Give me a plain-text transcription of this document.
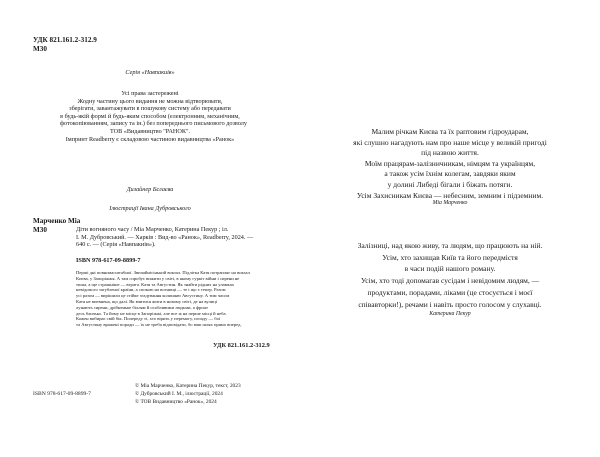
УДК 821.161.2-312.9
М30
Серія «Навпакиів»
Усі права застережені
Жодну частину цього видання не можна відтворювати,
зберігати, завантажувати в пошукову систему або передавати
в будь-якій формі й будь-яким способом (електронним, механічним,
фотокопіюванням, запису та ін.) без попереднього письмового дозволу
ТОВ «Видавництво "РАНОК".
Імпринт Readberry є складовою частиною видавництва «Ранок»
Дизайнер Бєлаєва
Ілюстрації Івана Дубровського
Марченко Міа
М30	Діти вогняного часу / Міа Марченко, Катерина Пекур ; іл.
І. М. Дубровський. — Харків : Вид-во «Ранок», Readberry, 2024. —
640 с. — (Серія «Навпакиів»).
ISBN 978-617-09-8899-7
Перші дні повномасштабної. Звичайнісінький вокзал. Підлітка Катя потрапляє на вокзал
Києва, у Запоріжжя. А там спробує вижити у світі, в якому гуркіт війни і сирени не
тиша, а ще страшніше — втрата. Катя та Августин. Як знайти рідних на уламках
невідомого загубленої країни, а спокою на вогнищі — те і що є тепер. Разом
усі разом — вирішили це стійке згадування колишню Августину. А тим часом
Катя не впевнена, що далі. Як вчитися жити в новому світі, де на вулиці
лунають сирени, дрібненьке біллям й особливими людьми, а фронт
десь близько. Та йому не місце в Запоріжжі, але все ж на перше місці й неба.
Кожен вибирає свій бік. Попереду ті, хто вірить у перемогу, позаду — бої
та Августину вражені поради — їх не треба відповідати, бо ваш шлях прямо вперед.
УДК 821.161.2-312.9
© Міа Марченко, Катерина Пекур, текст, 2023
© Дубровський І. М., ілюстрації, 2024
© ТОВ Видавництво «Ранок», 2024
ISBN 978-617-09-8899-7
Малим річкам Києва та їх раптовим гідроударам,
які слушно нагадують нам про наше місце у великій пригоді
під назвою життя.
Моїм працярам-залізничникам, німцям та українцям,
а також усім їхнім колегам, завдяки яким
у долині Либеді бігали і біжать потяги.
Усім Захисникам Києва — небесним, земним і підземним.
Міа Марченко
Залізниці, над якою живу, та людям, що працюють на ній.
Усім, хто захищав Київ та його передмістя
в часи подій нашого роману.
Усім, хто тоді допомагав сусідам і невідомим людям, —
продуктами, порадами, ліками (це стосується і моєї
співавторки!), речами і навіть просто голосом у слухавці.
Катерина Пекур
